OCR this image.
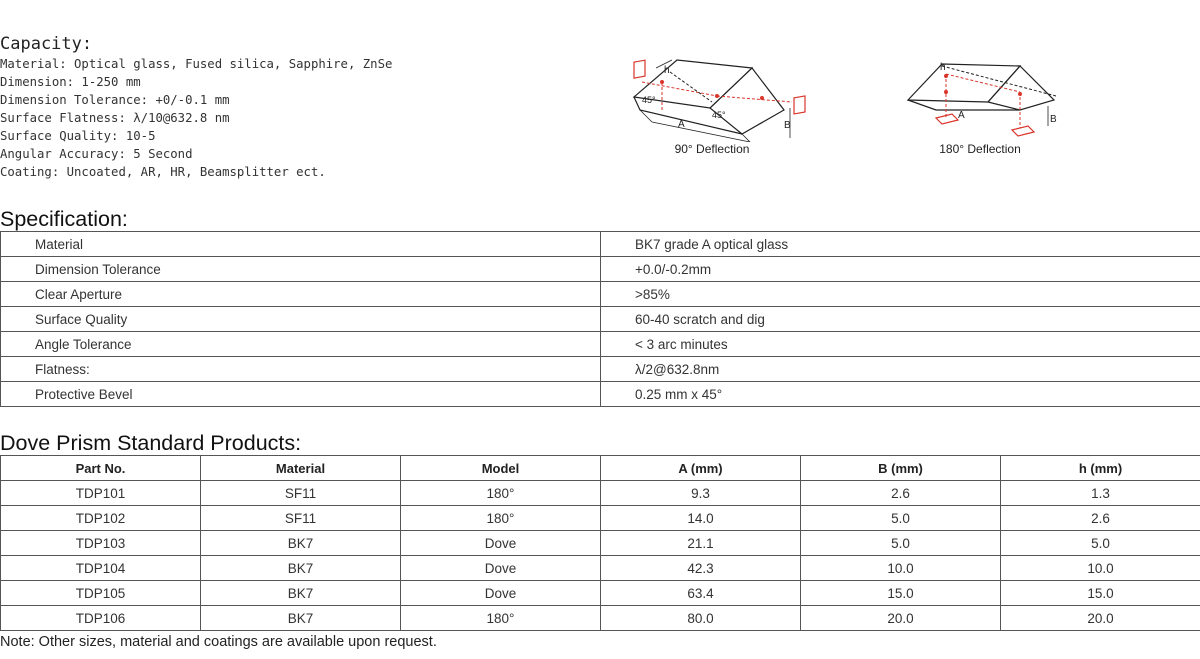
Capacity:
Material: Optical glass, Fused silica, Sapphire, ZnSe
Dimension: 1-250 mm
Dimension Tolerance: +0/-0.1 mm
Surface Flatness: λ/10@632.8 nm
Surface Quality: 10-5
Angular Accuracy: 5 Second
Coating: Uncoated, AR, HR, Beamsplitter ect.
h
45°
45°
A	B
90° Deflection
h
A	B
180° Deflection
Specification:
Material	BK7 grade A optical glass
Dimension Tolerance	+0.0/-0.2mm
Clear Aperture	>85%
Surface Quality	60-40 scratch and dig
Angle Tolerance	< 3 arc minutes
Flatness:	λ/2@632.8nm
Protective Bevel	0.25 mm x 45°
Dove Prism Standard Products:
Part No.	Material	Model	A (mm)	B (mm)	h (mm)
TDP101	SF11	180°	9.3	2.6	1.3
TDP102	SF11	180°	14.0	5.0	2.6
TDP103	BK7	Dove	21.1	5.0	5.0
TDP104	BK7	Dove	42.3	10.0	10.0
TDP105	BK7	Dove	63.4	15.0	15.0
TDP106	BK7	180°	80.0	20.0	20.0
Note: Other sizes, material and coatings are available upon request.
